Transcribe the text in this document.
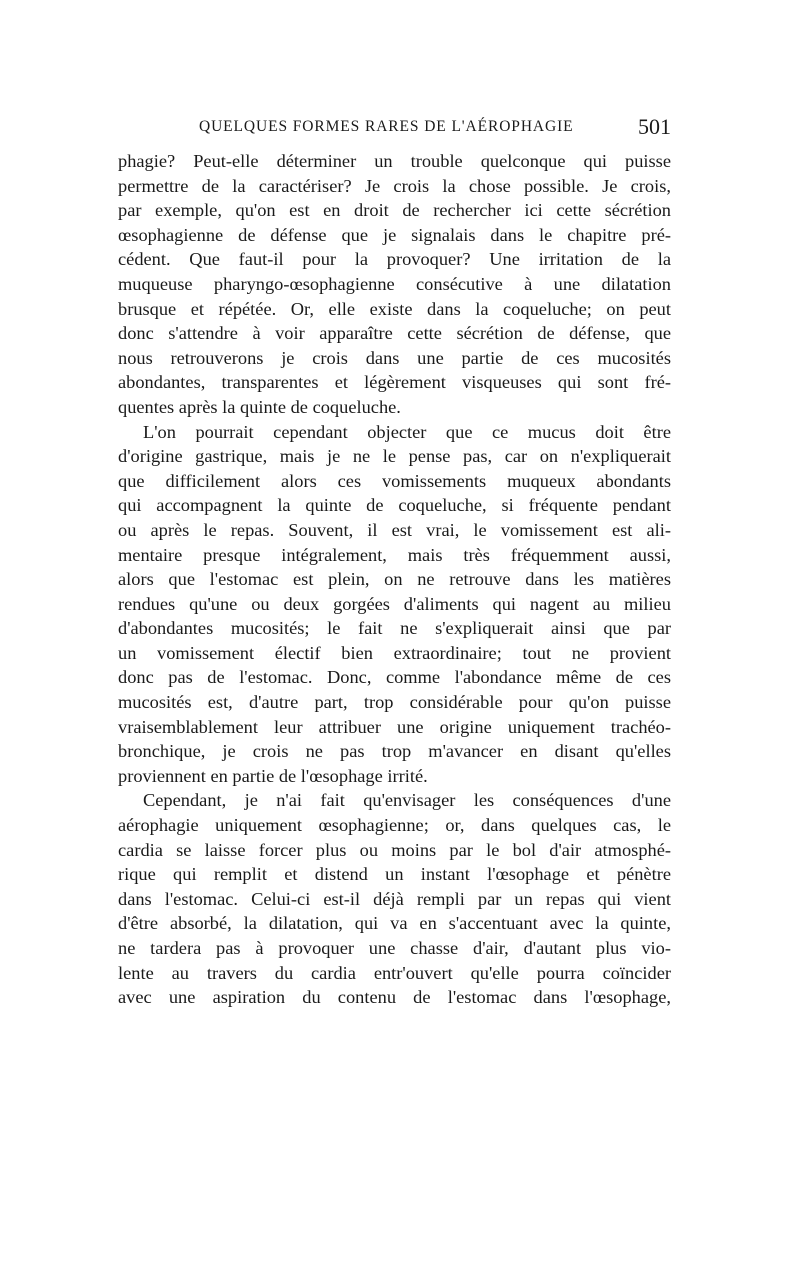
QUELQUES FORMES RARES DE L'AÉROPHAGIE	501
phagie? Peut-elle déterminer un trouble quelconque qui puisse
permettre de la caractériser? Je crois la chose possible. Je crois,
par exemple, qu'on est en droit de rechercher ici cette sécrétion
œsophagienne de défense que je signalais dans le chapitre pré-
cédent. Que faut-il pour la provoquer? Une irritation de la
muqueuse pharyngo-œsophagienne consécutive à une dilatation
brusque et répétée. Or, elle existe dans la coqueluche; on peut
donc s'attendre à voir apparaître cette sécrétion de défense, que
nous retrouverons je crois dans une partie de ces mucosités
abondantes, transparentes et légèrement visqueuses qui sont fré-
quentes après la quinte de coqueluche.
L'on pourrait cependant objecter que ce mucus doit être
d'origine gastrique, mais je ne le pense pas, car on n'expliquerait
que difficilement alors ces vomissements muqueux abondants
qui accompagnent la quinte de coqueluche, si fréquente pendant
ou après le repas. Souvent, il est vrai, le vomissement est ali-
mentaire presque intégralement, mais très fréquemment aussi,
alors que l'estomac est plein, on ne retrouve dans les matières
rendues qu'une ou deux gorgées d'aliments qui nagent au milieu
d'abondantes mucosités; le fait ne s'expliquerait ainsi que par
un vomissement électif bien extraordinaire; tout ne provient
donc pas de l'estomac. Donc, comme l'abondance même de ces
mucosités est, d'autre part, trop considérable pour qu'on puisse
vraisemblablement leur attribuer une origine uniquement trachéo-
bronchique, je crois ne pas trop m'avancer en disant qu'elles
proviennent en partie de l'œsophage irrité.
Cependant, je n'ai fait qu'envisager les conséquences d'une
aérophagie uniquement œsophagienne; or, dans quelques cas, le
cardia se laisse forcer plus ou moins par le bol d'air atmosphé-
rique qui remplit et distend un instant l'œsophage et pénètre
dans l'estomac. Celui-ci est-il déjà rempli par un repas qui vient
d'être absorbé, la dilatation, qui va en s'accentuant avec la quinte,
ne tardera pas à provoquer une chasse d'air, d'autant plus vio-
lente au travers du cardia entr'ouvert qu'elle pourra coïncider
avec une aspiration du contenu de l'estomac dans l'œsophage,
